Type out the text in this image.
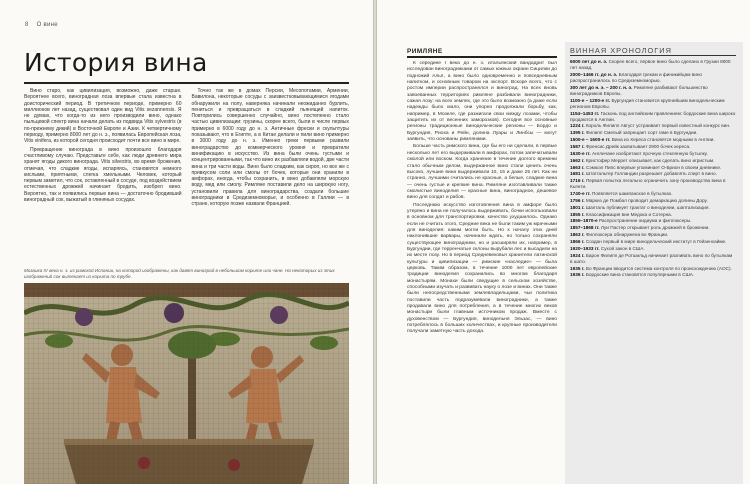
8 О вине
История вина

Вино старо, как цивилизация, возможно, даже старше. Вероятнее всего, виноградная лоза впервые стала известна в доисторический период. В третичном периоде, примерно 60 миллионов лет назад, существовал один вид Vitis sezannensis. Я не думаю, что когда-то из него производили вино, однако пыльцевой спектр вина начали делать из подвида Vitis sylvestris (в по-прежнему дикий) в Восточной Европе и Азии. К четвертичному периоду, примерно 8000 лет до н. э., появилась Европейская лоза, Vitis vinifera, из которой сегодня происходит почти все вино в мире.

Превращение винограда в вино произошло благодаря счастливому случаю. Представьте себе, как люди древнего мира хранят ягоды дикого винограда. Vitis silvestris, во время брожения, отмечая, что сладкие ягоды, испаряясь, становятся немного кислыми, приятными, слегка хмельными. Человек, который первым заметил, что сок, оставленный в сосуде, под воздействием естественных дрожжей начинает бродить, изобрел вино. Вероятно, так и появились первые вина — достаточно бродивший виноградный сок, выжатый в глиняных сосудах.

Точно так же в домах Персии, Месопотамии, Армении, Вавилона, некоторые сосуды с заизвестковывающимися ягодами обнаружили на полу, наверняка начинали неожиданно бурлить, пениться и превращаться в сладкий пьянящий напиток. Повторились совершенно случайно, вино постепенно стало частью цивилизации: грузины, скорее всего, были в числе первых примерно в 6000 году до н. э. Античные фрески и скульптуры показывают, что в Египте, а в Китае делали и пили вино примерно в 3000 году до н. э. Именно греки первыми развили виноградарство до коммерческого уровня и превратили винификацию в искусство. Из вина были очень густыми и концентрированными, так что вино их разбавляли водой, две части вина и три части воды. Вино было сладким, как сироп, но все же с привкусом соли или смолы от бочек, которые они хранили в амфорах, иногда, чтобы сохранить, в вино добавляли морскую воду, мед или смолу. Римляне поставили дело на широкую ногу, установили правила для виноградарства, создали большие виноградники в Средиземноморье, и особенно в Галлии — в стране, которую позже назвали Францией.

Мозаика IV века н. э. из римской Испании, на которой изображены, как давят виноград в небольшом корыте или чане. На некоторых из этих изображений сок вытекает из корыта по трубе.
РИМЛЯНЕ

К середине I века до н. э. итальянский вандадрит был исследован виноградниками от самых южных окраин Сицилии до подножий Альп, а вино было одновременно и повседневным напитком, и основным товаром на экспорт. Вскоре всего, что с ростом империи распространялся и виноград. На всех вновь завоеванных территориях римляне разбивали виноградники, сажая лозу: на всех землях, где это было возможно (а даже если надежды было мало, они упорно продолжали борьбу, как, например, в Мозеле, где разжигали свои между лозами, чтобы защитить их от весенних заморозков). Сегодня все основные регионы традиционные винодельческие регионы — Бордо и Бургундия, Риоха и Рейн, долина Луары и Линбсы — могут заявить, что основаны римлянами.

Больше часть римского вина, где бы его ни сделали, в первые несколько лет его выдерживали в амфорах, потом запечатывали смолой или воском. Когда хранение в течение долгого времени стало обычным делом, выдержанное вино стали ценить очень высоко, лучшие вина выдерживали 10, 15 и даже 25 лет. Как ни странно, лучшими считались не красные, а белые, сладкие вина — очень густые и крепкие вина. Римляне изготавливали также смолистые виноделия — красные вина, виноградное, дешевое вино для солдат и рабов.

Последнюю искусство изготовления вина в амфоре было утеряно и вина не получалось выдерживать, бочки использовали в основном для транспортировки, качество ухудшилось. Однако если не считать этого, Средние века не были таким уж мрачными для виноделия: каким могли быть. Но к началу этих дней наклонившие варвары, начинали ждать, но только сохраняли существующее виноградники, но и расширяли их, например, в Бургундии, где терренчатые склоны вырубали лес и высадили на их месте лозу. Но в период Средневековья хранители латинской культуры и цивилизации — римские «наследие» — была церковь. Таким образом, в течение 1000 лет европейские традиции виноделия сохранились во многом благодаря монастырям. Монахи были сведущие в сельском хозяйстве, способными изучать и развивать науку о лозе и винах. Они также были непосредственными землевладельцами, чьи политика поставили часть подразумевали виноградники, а также продавали вино для потребления, а в течение многих веков монастыри были главным источником продаж. Вместе с духовенством — Бургундия, винодельня Эльзас, — вино потреблялось в больших количествах, и крупные производители получали заметную часть дохода.

ВИННАЯ ХРОНОЛОГИЯ
6000 лет до н. э. Скорее всего, первое вино было сделано в Грузии 8000 лет назад.
2000–1466 гг. до н. э. Благодаря грекам и финикийцам вино распространилось по Средиземноморью.
300 лет до н. э. – 200 г. н. э. Римляне разбивают большинство виноградников Европы.
1100-е – 1200-е гг. Бургундия становится крупнейшим винодельческим регионом Европы.
1154–1453 гг. Гасконь под английским правлением: бордоские вина широко продаются в Англии.
1224 г. Король Филипп Август устраивает первый известный конкурс вин.
1395 г. Филипп Смелый запрещает сорт гаме в Бургундии.
1500-е – 1600-е гг. Вина из Хереса становятся модными в Англии.
1587 г. Френсис Дрейк захватывает 2900 бочек хереса.
1630-е гг. Англичане изобретают прочную стеклянную бутылку.
1662 г. Кристофер Меррет описывает, как сделать вино игристым.
1663 г. Сэмюэл Пипс впервые упоминает О-Брион в своем дневнике.
1681 г. Штатгальтер Голландии разрешает добавлять спирт в вино.
1716 г. Первая попытка легально ограничить зону производства вина в Кьянти.
1740-е гг. Появляется шампанское в бутылках.
1756 г. Маркиз де Помбал проводит демаркацию долины Дору.
1801 г. Шапталь публикует трактат о виноделии, шаптализация.
1855 г. Классификация вин Медока и Сотерна.
1855–1870-е Распространение оидиума и филлоксеры.
1857–1868 гг. Луи Пастер открывает роль дрожжей в брожении.
1863 г. Филлоксера обнаружена во Франции.
1866 г. Создан первый в мире винодельческий институт в Гейзенхайме.
1920–1933 гг. Сухой закон в США.
1924 г. Барон Филипп де Ротшильд начинает разливать вино по бутылкам в шато.
1935 г. Во Франции вводится система контроля по происхождению (AOC).
1936 г. Бордоские вина становятся популярными в США.
